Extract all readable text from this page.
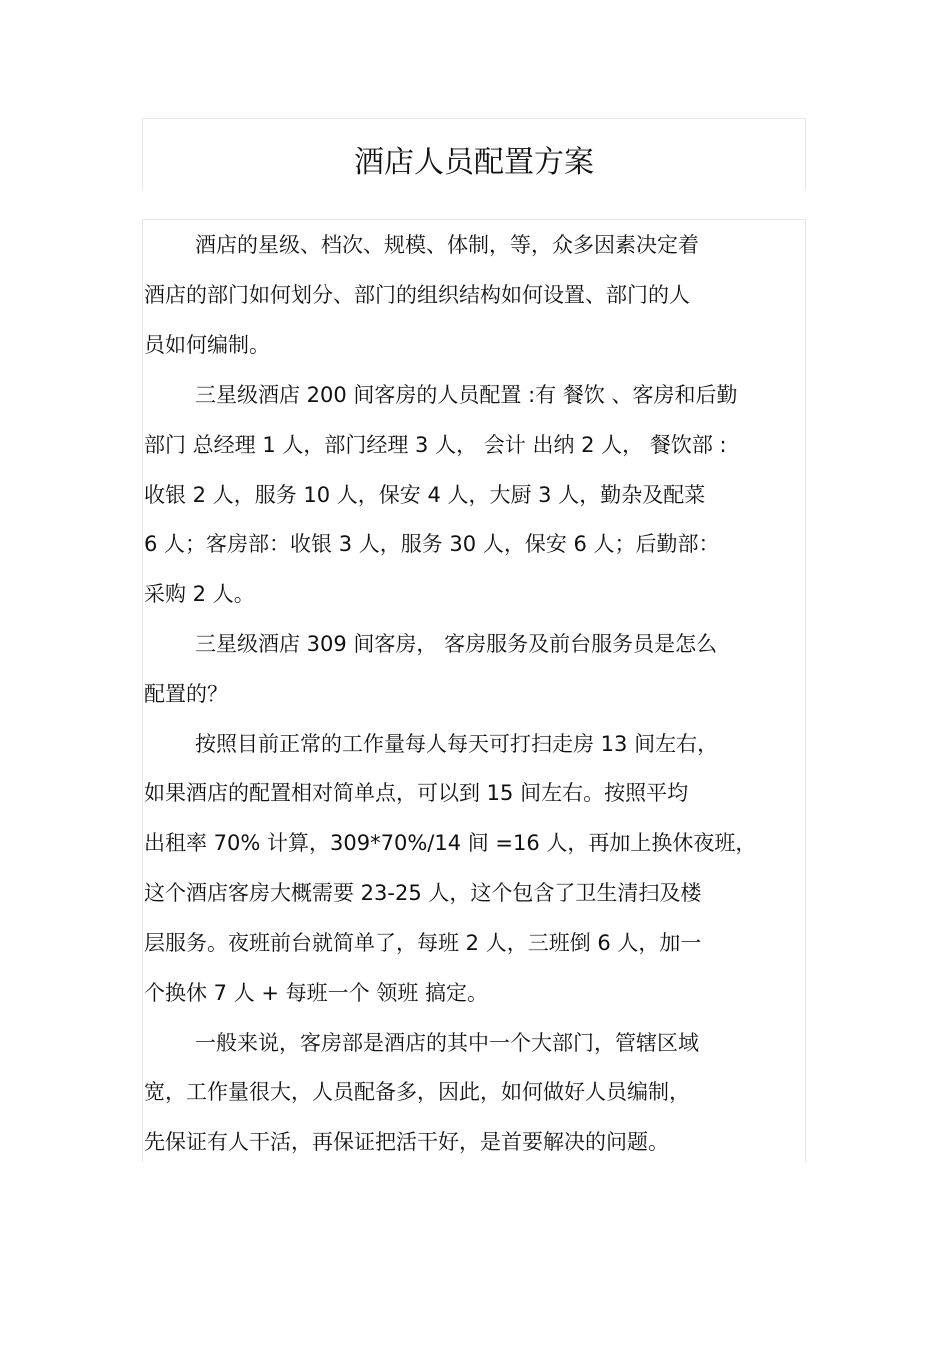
酒店人员配置方案
酒店的星级、档次、规模、体制，等，众多因素决定着
酒店的部门如何划分、部门的组织结构如何设置、部门的人
员如何编制。
三星级酒店 200 间客房的人员配置 :有 餐饮 、客房和后勤
部门 总经理 1 人，部门经理 3 人， 会计 出纳 2 人， 餐饮部 :
收银 2 人，服务 10 人，保安 4 人，大厨 3 人，勤杂及配菜
6 人；客房部：收银 3 人，服务 30 人，保安 6 人；后勤部：
采购 2 人。
三星级酒店 309 间客房， 客房服务及前台服务员是怎么
配置的？
按照目前正常的工作量每人每天可打扫走房 13 间左右，
如果酒店的配置相对简单点，可以到 15 间左右。按照平均
出租率 70% 计算，309*70%/14 间 =16 人，再加上换休夜班，
这个酒店客房大概需要 23-25 人，这个包含了卫生清扫及楼
层服务。夜班前台就简单了，每班 2 人，三班倒 6 人，加一
个换休 7 人 + 每班一个 领班 搞定。
一般来说，客房部是酒店的其中一个大部门，管辖区域
宽，工作量很大，人员配备多，因此，如何做好人员编制，
先保证有人干活，再保证把活干好，是首要解决的问题。
